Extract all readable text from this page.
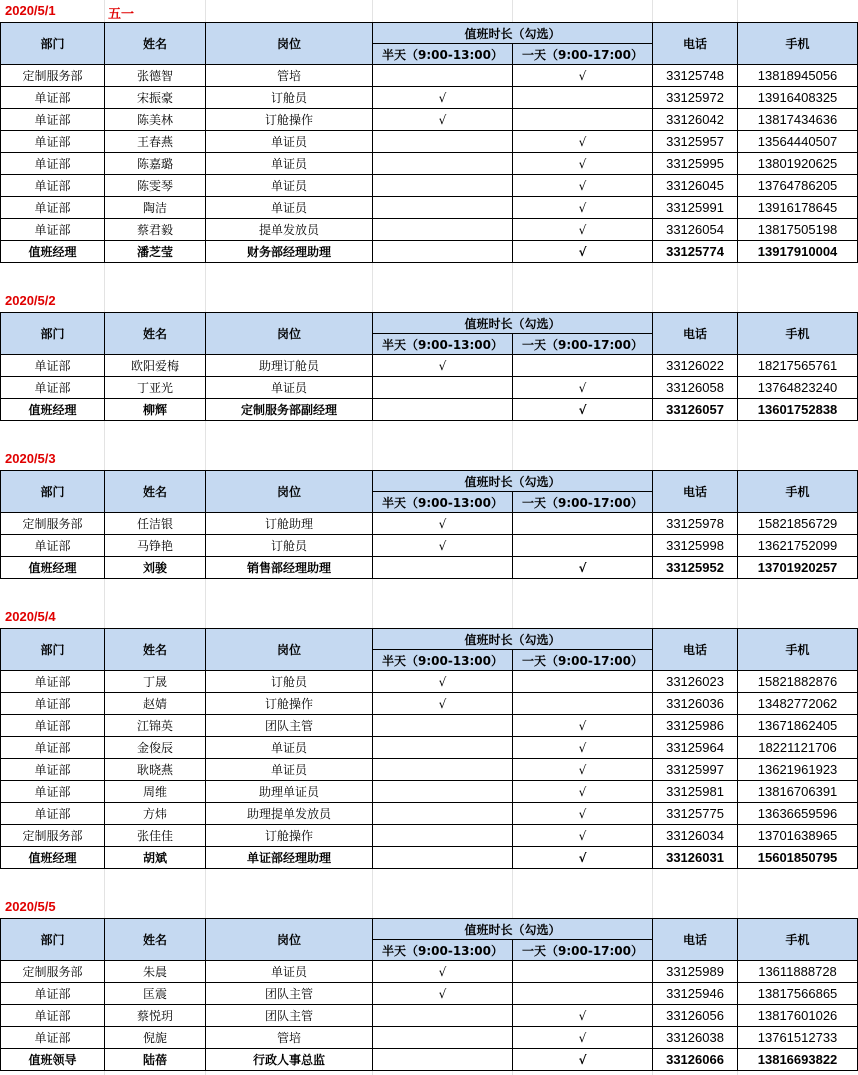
2020/5/1	五一
部门	姓名	岗位	值班时长（勾选）		电话	手机
			半天（9:00-13:00）	一天（9:00-17:00）		
定制服务部	张德智	管培		√	33125748	13818945056
单证部	宋振豪	订舱员	√		33125972	13916408325
单证部	陈美林	订舱操作	√		33126042	13817434636
单证部	王春燕	单证员		√	33125957	13564440507
单证部	陈嘉璐	单证员		√	33125995	13801920625
单证部	陈雯琴	单证员		√	33126045	13764786205
单证部	陶洁	单证员		√	33125991	13916178645
单证部	蔡君毅	提单发放员		√	33126054	13817505198
值班经理	潘芝莹	财务部经理助理		√	33125774	13917910004
2020/5/2
部门	姓名	岗位	值班时长（勾选）		电话	手机
			半天（9:00-13:00）	一天（9:00-17:00）		
单证部	欧阳爱梅	助理订舱员	√		33126022	18217565761
单证部	丁亚光	单证员		√	33126058	13764823240
值班经理	柳辉	定制服务部副经理		√	33126057	13601752838
2020/5/3
部门	姓名	岗位	值班时长（勾选）		电话	手机
			半天（9:00-13:00）	一天（9:00-17:00）		
定制服务部	任洁银	订舱助理	√		33125978	15821856729
单证部	马铮艳	订舱员	√		33125998	13621752099
值班经理	刘骏	销售部经理助理		√	33125952	13701920257
2020/5/4
部门	姓名	岗位	值班时长（勾选）		电话	手机
			半天（9:00-13:00）	一天（9:00-17:00）		
单证部	丁晟	订舱员	√		33126023	15821882876
单证部	赵婧	订舱操作	√		33126036	13482772062
单证部	江锦英	团队主管		√	33125986	13671862405
单证部	金俊辰	单证员		√	33125964	18221121706
单证部	耿晓燕	单证员		√	33125997	13621961923
单证部	周维	助理单证员		√	33125981	13816706391
单证部	方炜	助理提单发放员		√	33125775	13636659596
定制服务部	张佳佳	订舱操作		√	33126034	13701638965
值班经理	胡斌	单证部经理助理		√	33126031	15601850795
2020/5/5
部门	姓名	岗位	值班时长（勾选）		电话	手机
			半天（9:00-13:00）	一天（9:00-17:00）		
定制服务部	朱晨	单证员	√		33125989	13611888728
单证部	匡震	团队主管	√		33125946	13817566865
单证部	蔡悦玥	团队主管		√	33126056	13817601026
单证部	倪旎	管培		√	33126038	13761512733
值班领导	陆蓓	行政人事总监		√	33126066	13816693822
